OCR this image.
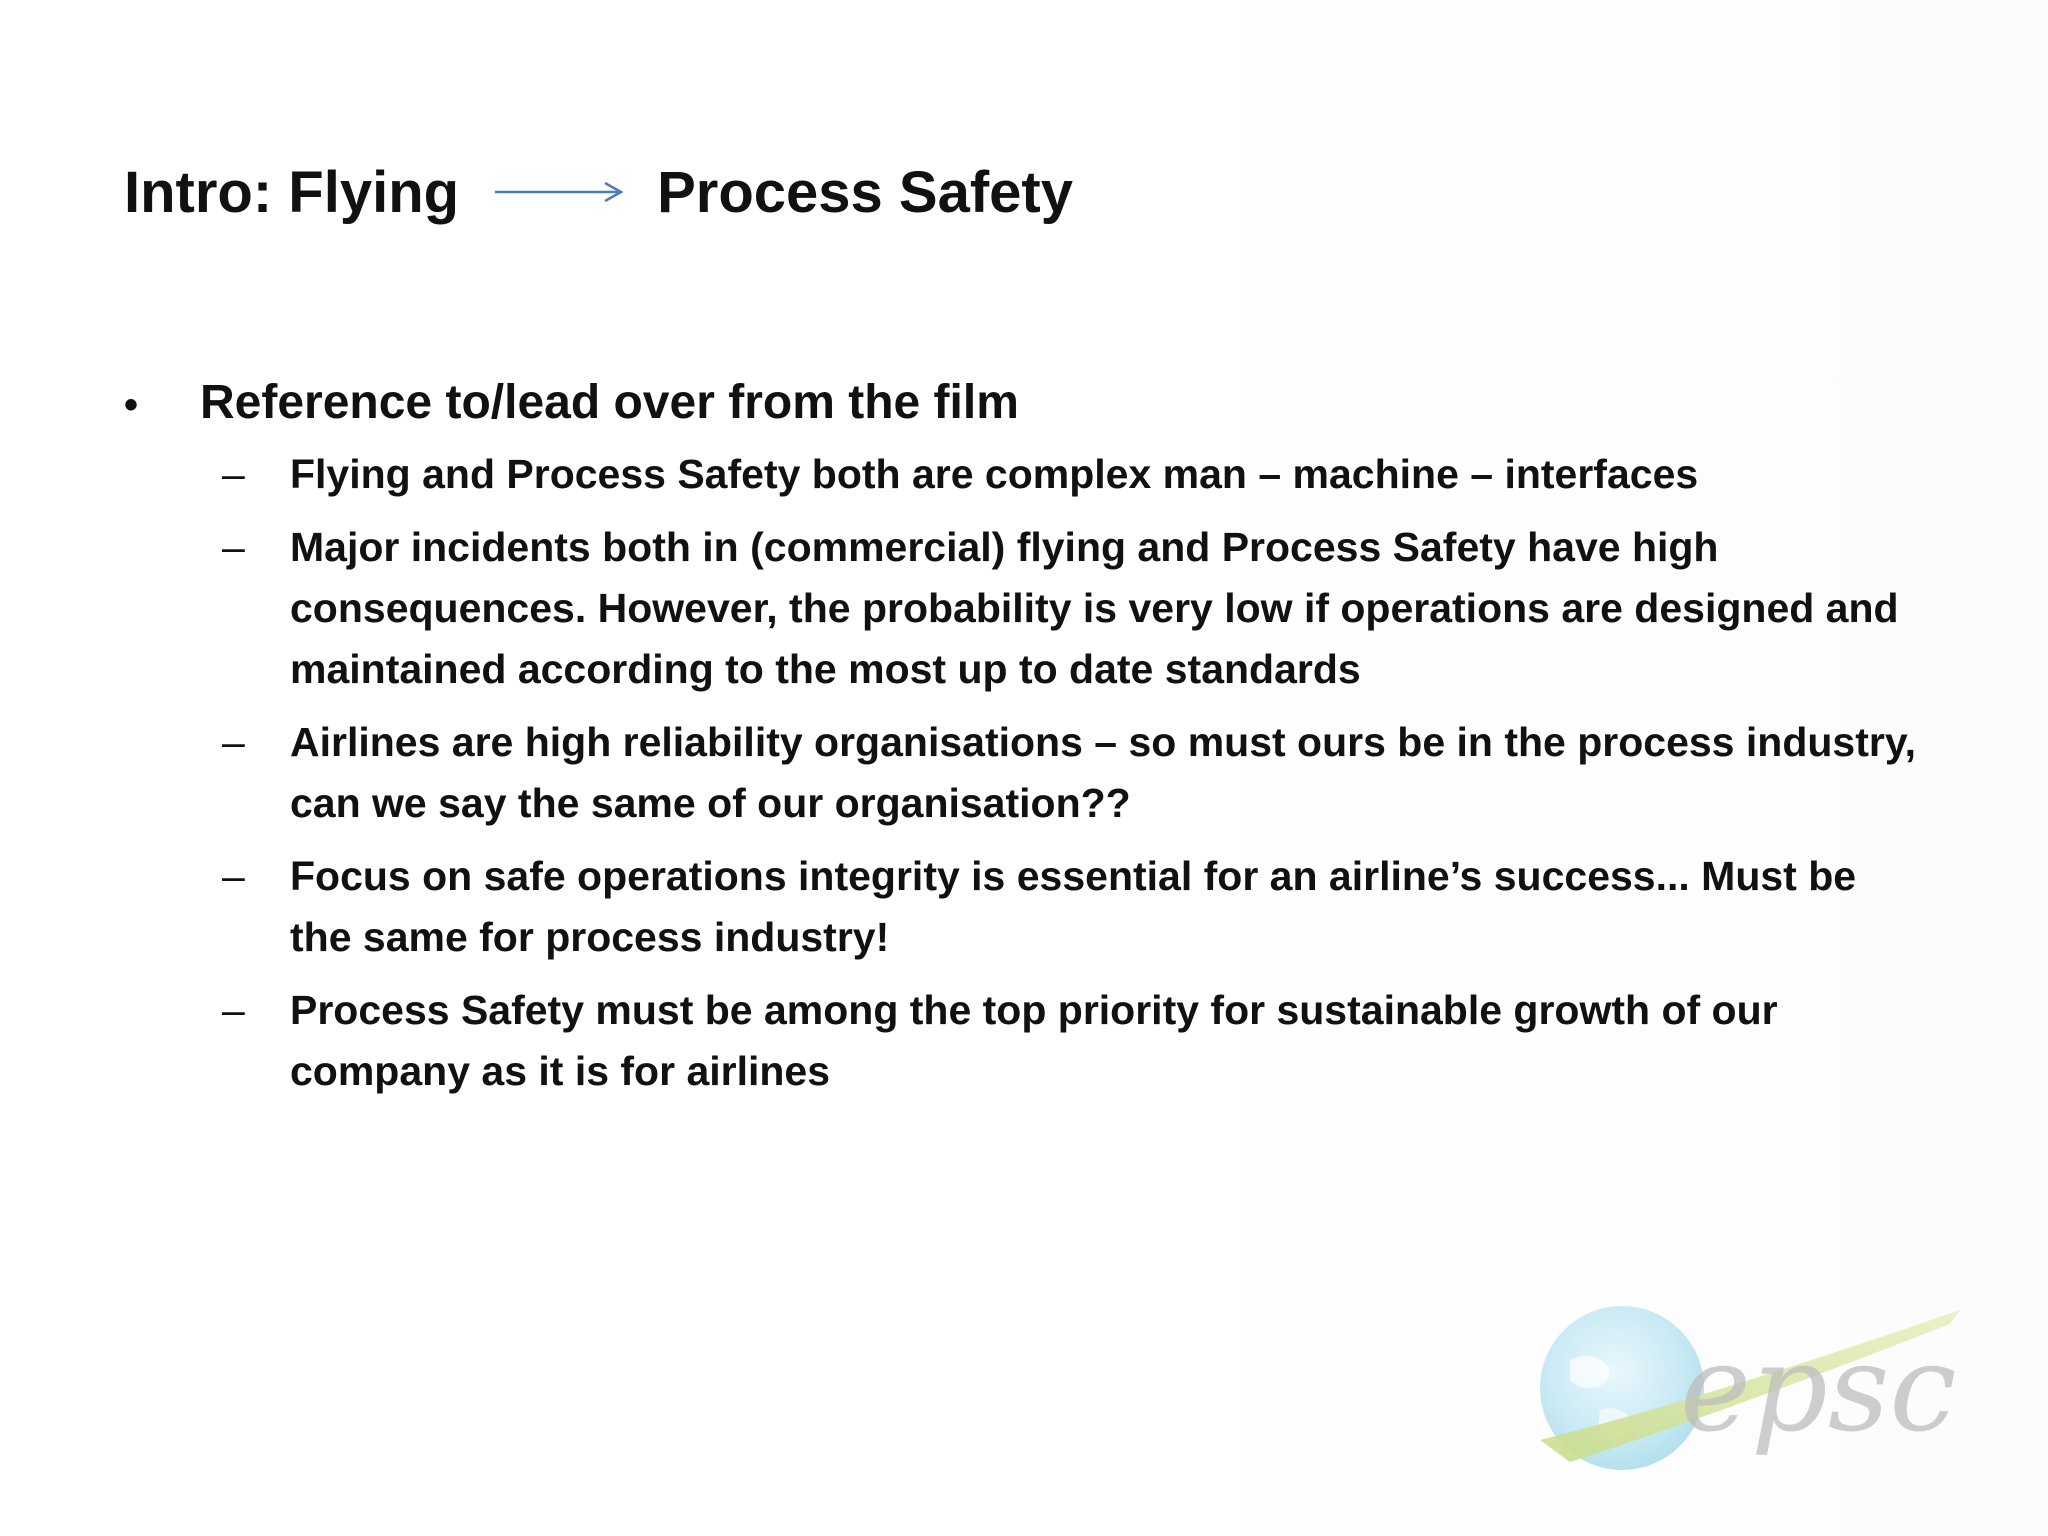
Intro: Flying	Process Safety
•	Reference to/lead over from the film
–	Flying and Process Safety both are complex man – machine – interfaces
–	Major incidents both in (commercial) flying and Process Safety have high consequences. However, the probability is very low if operations are designed and maintained according to the most up to date standards
–	Airlines are high reliability organisations – so must ours be in the process industry, can we say the same of our organisation??
–	Focus on safe operations integrity is essential for an airline’s success... Must be the same for process industry!
–	Process Safety must be among the top priority for sustainable growth of our company as it is for airlines
epsc
